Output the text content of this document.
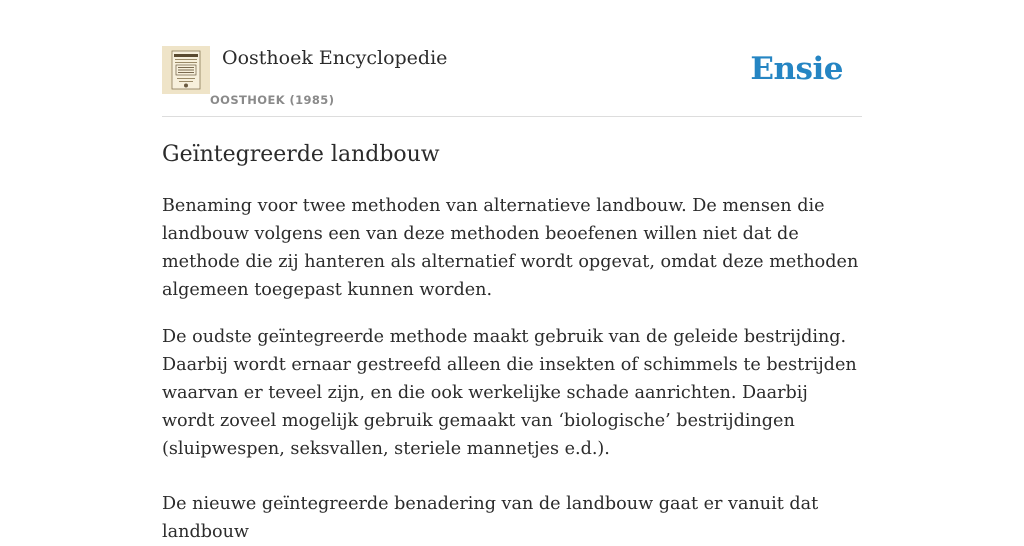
Oosthoek Encyclopedie
OOSTHOEK (1985)
Ensie
Geïntegreerde landbouw

Benaming voor twee methoden van alternatieve landbouw. De mensen die landbouw volgens een van deze methoden beoefenen willen niet dat de methode die zij hanteren als alternatief wordt opgevat, omdat deze methoden algemeen toegepast kunnen worden.

De oudste geïntegreerde methode maakt gebruik van de geleide bestrijding. Daarbij wordt ernaar gestreefd alleen die insekten of schimmels te bestrijden waarvan er teveel zijn, en die ook werkelijke schade aanrichten. Daarbij wordt zoveel mogelijk gebruik gemaakt van ‘biologische’ bestrijdingen (sluipwespen, seksvallen, steriele mannetjes e.d.).

De nieuwe geïntegreerde benadering van de landbouw gaat er vanuit dat landbouw
